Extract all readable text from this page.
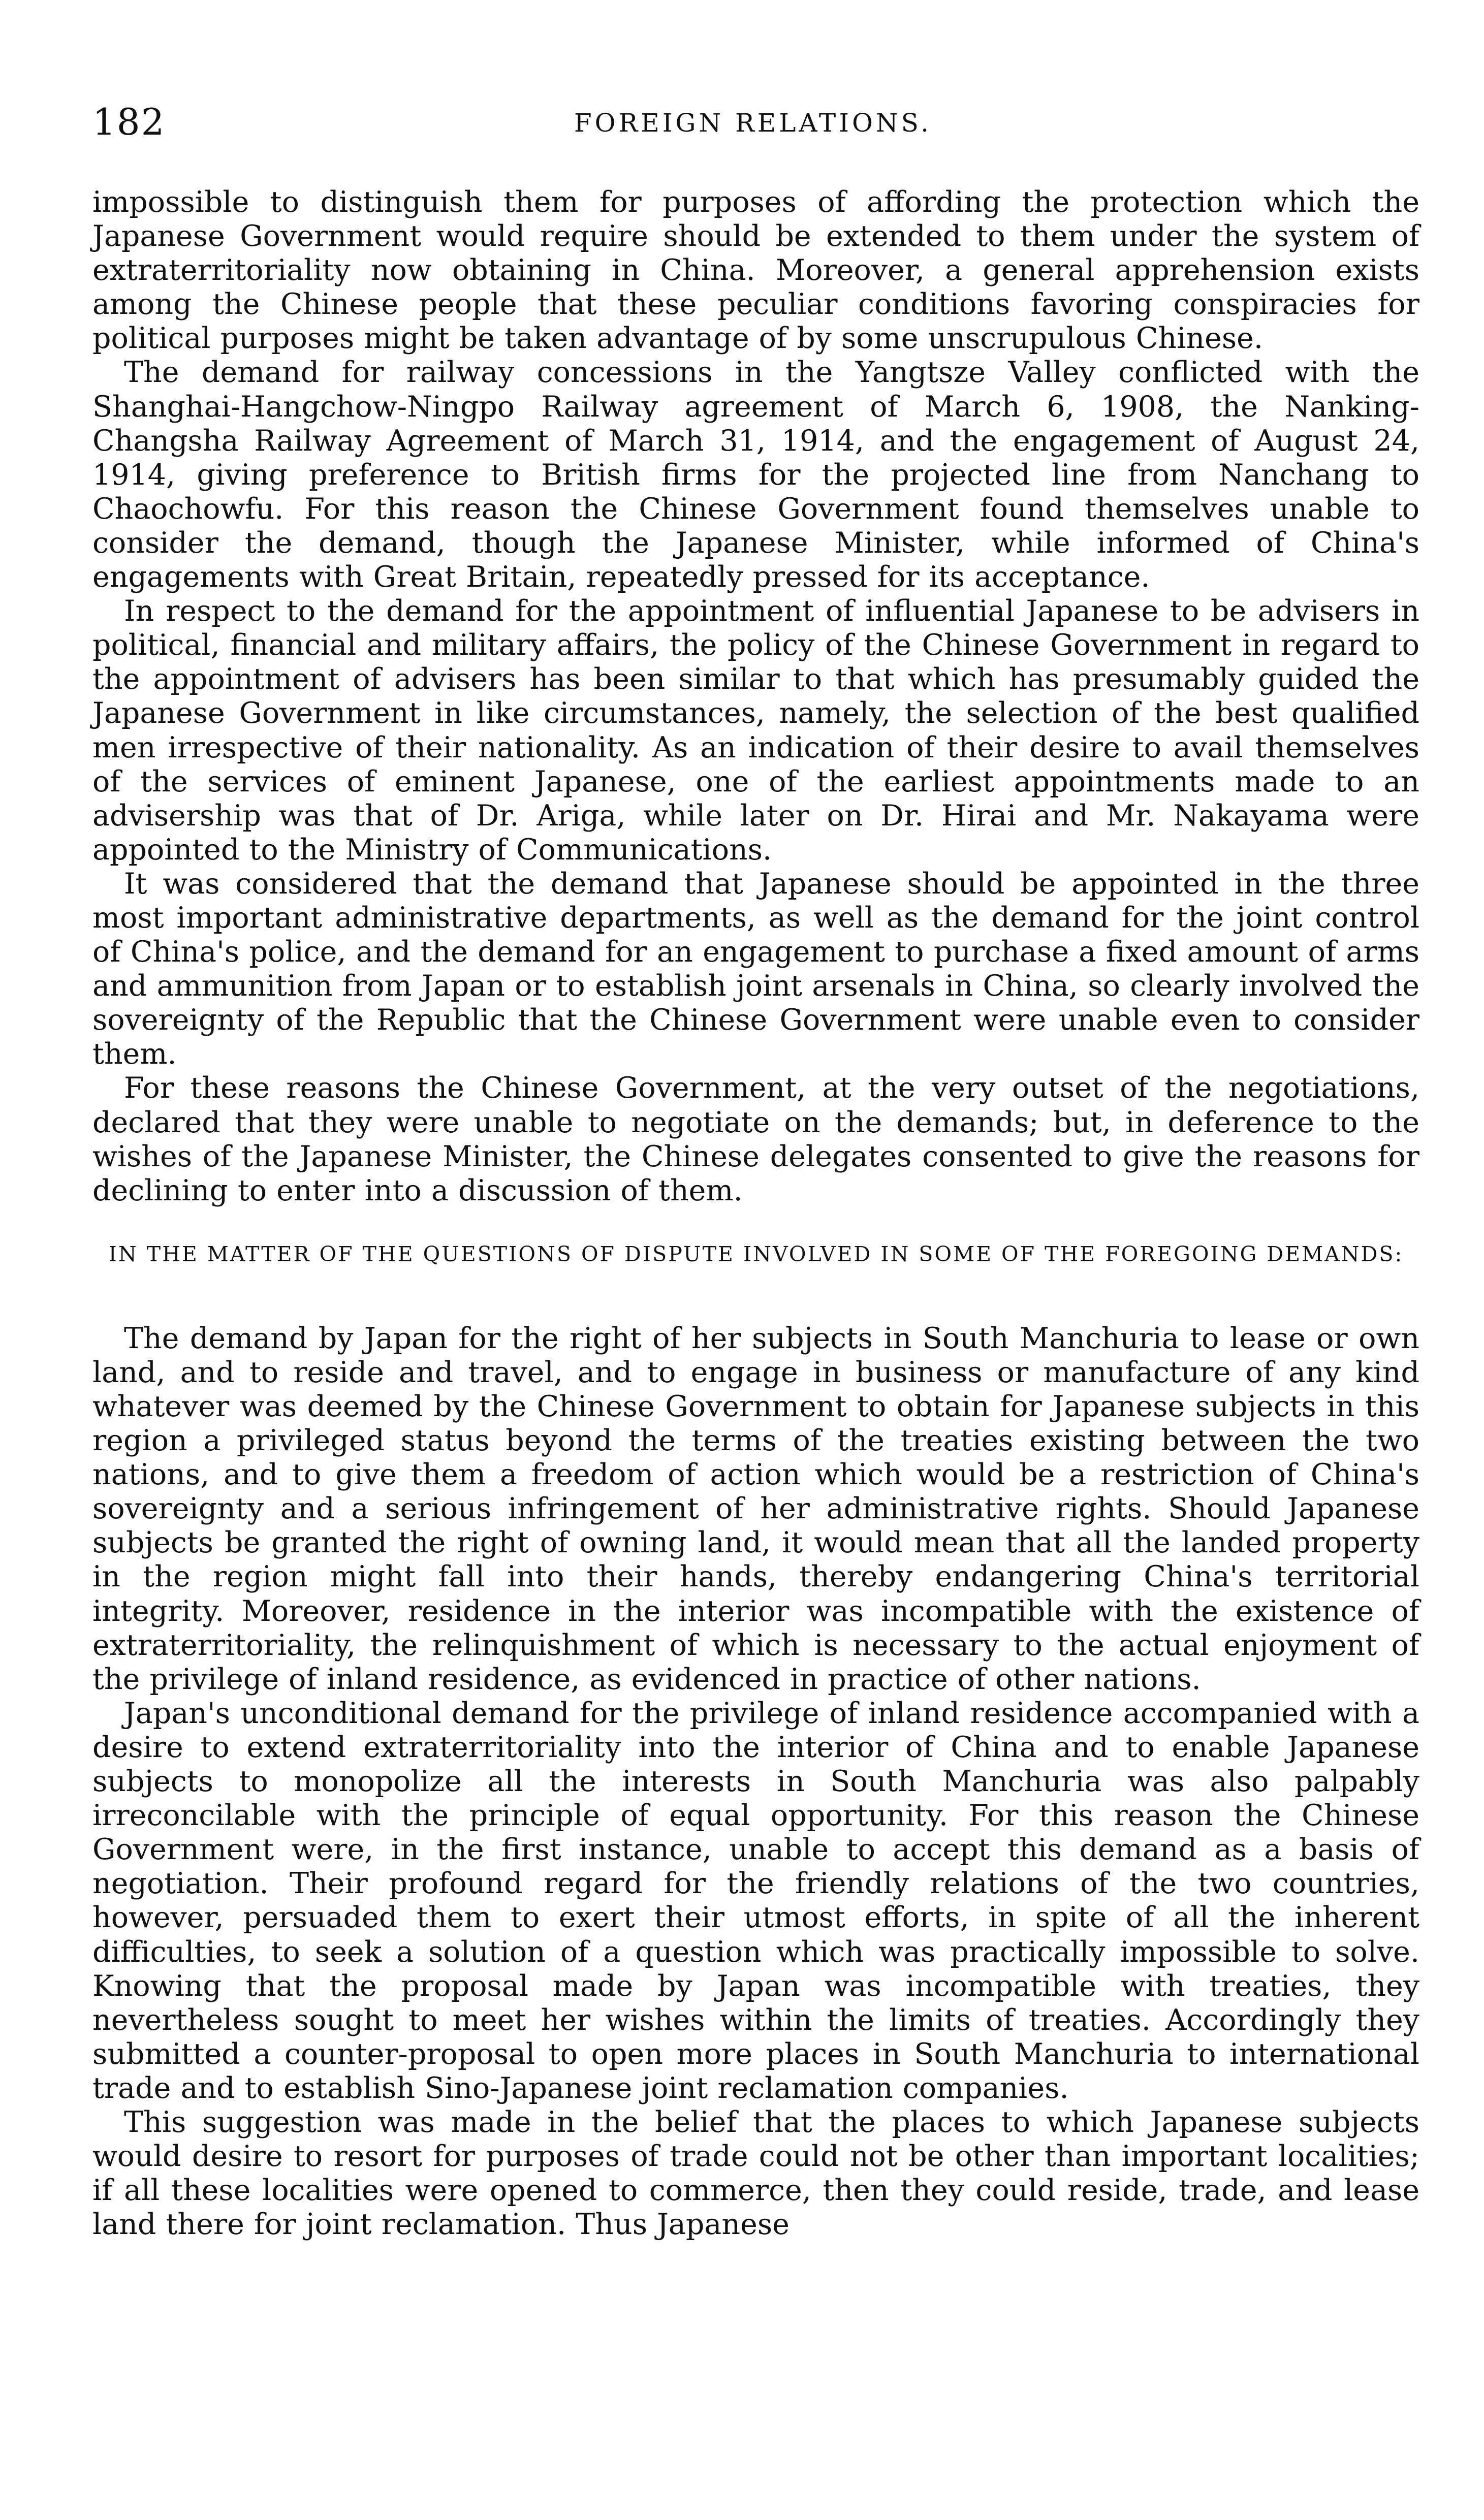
182	FOREIGN RELATIONS.

impossible to distinguish them for purposes of affording the protection which the Japanese Government would require should be extended to them under the system of extraterritoriality now obtaining in China. Moreover, a general apprehension exists among the Chinese people that these peculiar conditions favoring conspiracies for political purposes might be taken advantage of by some unscrupulous Chinese.

The demand for railway concessions in the Yangtsze Valley conflicted with the Shanghai-Hangchow-Ningpo Railway agreement of March 6, 1908, the Nanking-Changsha Railway Agreement of March 31, 1914, and the engagement of August 24, 1914, giving preference to British firms for the projected line from Nanchang to Chaochowfu. For this reason the Chinese Government found themselves unable to consider the demand, though the Japanese Minister, while informed of China's engagements with Great Britain, repeatedly pressed for its acceptance.

In respect to the demand for the appointment of influential Japanese to be advisers in political, financial and military affairs, the policy of the Chinese Government in regard to the appointment of advisers has been similar to that which has presumably guided the Japanese Government in like circumstances, namely, the selection of the best qualified men irrespective of their nationality. As an indication of their desire to avail themselves of the services of eminent Japanese, one of the earliest appointments made to an advisership was that of Dr. Ariga, while later on Dr. Hirai and Mr. Nakayama were appointed to the Ministry of Communications.

It was considered that the demand that Japanese should be appointed in the three most important administrative departments, as well as the demand for the joint control of China's police, and the demand for an engagement to purchase a fixed amount of arms and ammunition from Japan or to establish joint arsenals in China, so clearly involved the sovereignty of the Republic that the Chinese Government were unable even to consider them.

For these reasons the Chinese Government, at the very outset of the negotiations, declared that they were unable to negotiate on the demands; but, in deference to the wishes of the Japanese Minister, the Chinese delegates consented to give the reasons for declining to enter into a discussion of them.

IN THE MATTER OF THE QUESTIONS OF DISPUTE INVOLVED IN SOME OF THE FOREGOING DEMANDS:

The demand by Japan for the right of her subjects in South Manchuria to lease or own land, and to reside and travel, and to engage in business or manufacture of any kind whatever was deemed by the Chinese Government to obtain for Japanese subjects in this region a privileged status beyond the terms of the treaties existing between the two nations, and to give them a freedom of action which would be a restriction of China's sovereignty and a serious infringement of her administrative rights. Should Japanese subjects be granted the right of owning land, it would mean that all the landed property in the region might fall into their hands, thereby endangering China's territorial integrity. Moreover, residence in the interior was incompatible with the existence of extraterritoriality, the relinquishment of which is necessary to the actual enjoyment of the privilege of inland residence, as evidenced in practice of other nations.

Japan's unconditional demand for the privilege of inland residence accompanied with a desire to extend extraterritoriality into the interior of China and to enable Japanese subjects to monopolize all the interests in South Manchuria was also palpably irreconcilable with the principle of equal opportunity. For this reason the Chinese Government were, in the first instance, unable to accept this demand as a basis of negotiation. Their profound regard for the friendly relations of the two countries, however, persuaded them to exert their utmost efforts, in spite of all the inherent difficulties, to seek a solution of a question which was practically impossible to solve. Knowing that the proposal made by Japan was incompatible with treaties, they nevertheless sought to meet her wishes within the limits of treaties. Accordingly they submitted a counter-proposal to open more places in South Manchuria to international trade and to establish Sino-Japanese joint reclamation companies.

This suggestion was made in the belief that the places to which Japanese subjects would desire to resort for purposes of trade could not be other than important localities; if all these localities were opened to commerce, then they could reside, trade, and lease land there for joint reclamation. Thus Japanese
